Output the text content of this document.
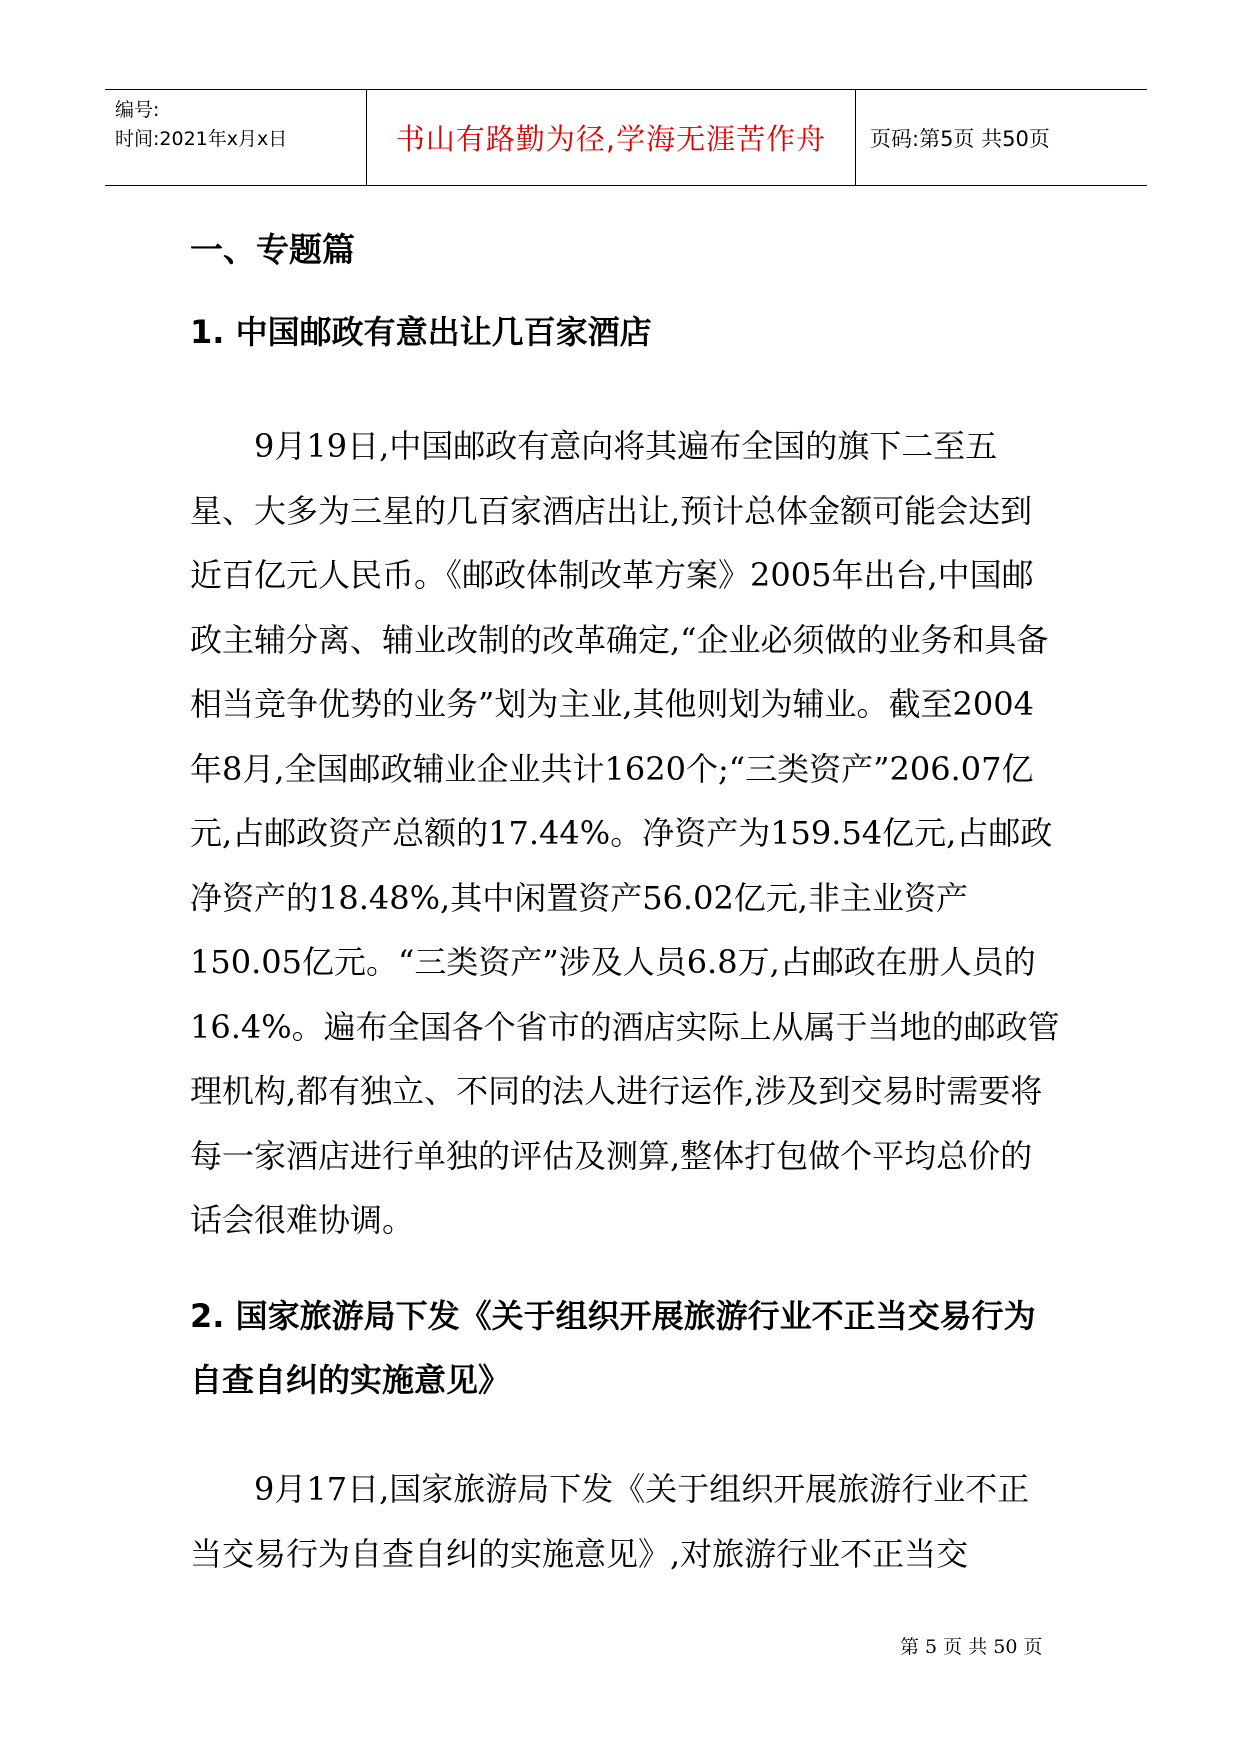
编号:
时间:2021年x月x日	书山有路勤为径,学海无涯苦作舟	页码:第5页 共50页
一、专题篇
1. 中国邮政有意出让几百家酒店

9月19日,中国邮政有意向将其遍布全国的旗下二至五星、大多为三星的几百家酒店出让,预计总体金额可能会达到近百亿元人民币。《邮政体制改革方案》2005年出台,中国邮政主辅分离、辅业改制的改革确定,“企业必须做的业务和具备相当竞争优势的业务”划为主业,其他则划为辅业。截至2004年8月,全国邮政辅业企业共计1620个;“三类资产”206.07亿元,占邮政资产总额的17.44%。净资产为159.54亿元,占邮政净资产的18.48%,其中闲置资产56.02亿元,非主业资产150.05亿元。“三类资产”涉及人员6.8万,占邮政在册人员的16.4%。遍布全国各个省市的酒店实际上从属于当地的邮政管理机构,都有独立、不同的法人进行运作,涉及到交易时需要将每一家酒店进行单独的评估及测算,整体打包做个平均总价的话会很难协调。

2. 国家旅游局下发《关于组织开展旅游行业不正当交易行为自查自纠的实施意见》

9月17日,国家旅游局下发《关于组织开展旅游行业不正当交易行为自查自纠的实施意见》,对旅游行业不正当交

第 5 页 共 50 页
